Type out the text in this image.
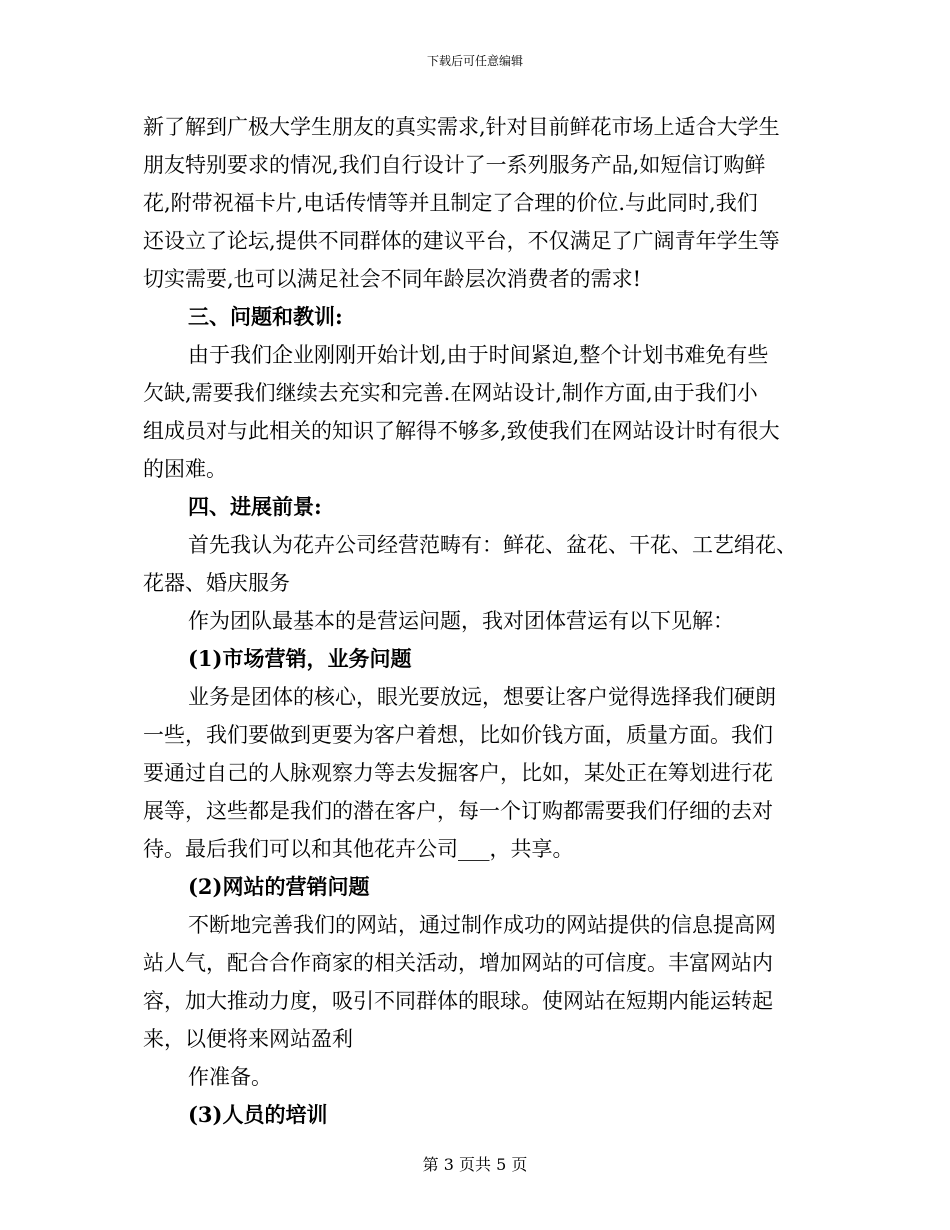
下载后可任意编辑
新了解到广极大学生朋友的真实需求,针对目前鲜花市场上适合大学生
朋友特别要求的情况,我们自行设计了一系列服务产品,如短信订购鲜
花,附带祝福卡片,电话传情等并且制定了合理的价位.与此同时,我们
还设立了论坛,提供不同群体的建议平台，不仅满足了广阔青年学生等
切实需要,也可以满足社会不同年龄层次消费者的需求!
三、问题和教训:
由于我们企业刚刚开始计划,由于时间紧迫,整个计划书难免有些
欠缺,需要我们继续去充实和完善.在网站设计,制作方面,由于我们小
组成员对与此相关的知识了解得不够多,致使我们在网站设计时有很大
的困难。
四、进展前景:
首先我认为花卉公司经营范畴有：鲜花、盆花、干花、工艺绢花、
花器、婚庆服务
作为团队最基本的是营运问题，我对团体营运有以下见解：
(1)市场营销，业务问题
业务是团体的核心，眼光要放远，想要让客户觉得选择我们硬朗
一些，我们要做到更要为客户着想，比如价钱方面，质量方面。我们
要通过自己的人脉观察力等去发掘客户，比如，某处正在筹划进行花
展等，这些都是我们的潜在客户，每一个订购都需要我们仔细的去对
待。最后我们可以和其他花卉公司___，共享。
(2)网站的营销问题
不断地完善我们的网站，通过制作成功的网站提供的信息提高网
站人气，配合合作商家的相关活动，增加网站的可信度。丰富网站内
容，加大推动力度，吸引不同群体的眼球。使网站在短期内能运转起
来，以便将来网站盈利
作准备。
(3)人员的培训
第 3 页共 5 页
